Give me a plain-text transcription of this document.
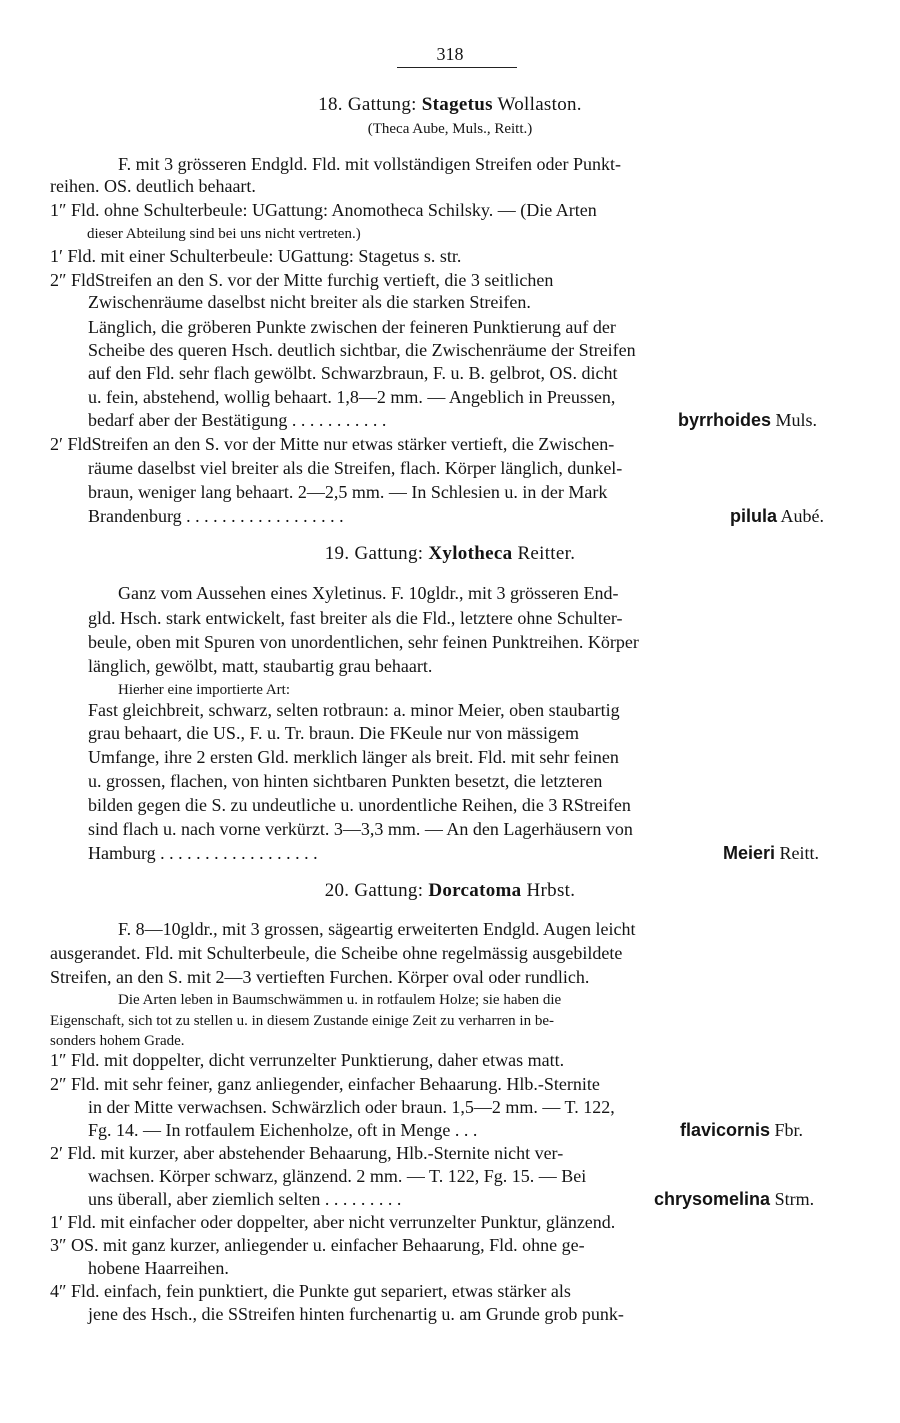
318
18. Gattung: Stagetus Wollaston.
(Theca Aube, Muls., Reitt.)
F. mit 3 grösseren Endgld. Fld. mit vollständigen Streifen oder Punkt-
reihen. OS. deutlich behaart.
1″ Fld. ohne Schulterbeule: UGattung: Anomotheca Schilsky. — (Die Arten
dieser Abteilung sind bei uns nicht vertreten.)
1′ Fld. mit einer Schulterbeule: UGattung: Stagetus s. str.
2″ FldStreifen an den S. vor der Mitte furchig vertieft, die 3 seitlichen
Zwischenräume daselbst nicht breiter als die starken Streifen.
Länglich, die gröberen Punkte zwischen der feineren Punktierung auf der
Scheibe des queren Hsch. deutlich sichtbar, die Zwischenräume der Streifen
auf den Fld. sehr flach gewölbt. Schwarzbraun, F. u. B. gelbrot, OS. dicht
u. fein, abstehend, wollig behaart. 1,8—2 mm. — Angeblich in Preussen,
bedarf aber der Bestätigung . . . . . . . . . . .	byrrhoides Muls.
2′ FldStreifen an den S. vor der Mitte nur etwas stärker vertieft, die Zwischen-
räume daselbst viel breiter als die Streifen, flach. Körper länglich, dunkel-
braun, weniger lang behaart. 2—2,5 mm. — In Schlesien u. in der Mark
Brandenburg . . . . . . . . . . . . . . . . . .	pilula Aubé.
19. Gattung: Xylotheca Reitter.
Ganz vom Aussehen eines Xyletinus. F. 10gldr., mit 3 grösseren End-
gld. Hsch. stark entwickelt, fast breiter als die Fld., letztere ohne Schulter-
beule, oben mit Spuren von unordentlichen, sehr feinen Punktreihen. Körper
länglich, gewölbt, matt, staubartig grau behaart.
Hierher eine importierte Art:
Fast gleichbreit, schwarz, selten rotbraun: a. minor Meier, oben staubartig
grau behaart, die US., F. u. Tr. braun. Die FKeule nur von mässigem
Umfange, ihre 2 ersten Gld. merklich länger als breit. Fld. mit sehr feinen
u. grossen, flachen, von hinten sichtbaren Punkten besetzt, die letzteren
bilden gegen die S. zu undeutliche u. unordentliche Reihen, die 3 RStreifen
sind flach u. nach vorne verkürzt. 3—3,3 mm. — An den Lagerhäusern von
Hamburg . . . . . . . . . . . . . . . . . .	Meieri Reitt.
20. Gattung: Dorcatoma Hrbst.
F. 8—10gldr., mit 3 grossen, sägeartig erweiterten Endgld. Augen leicht
ausgerandet. Fld. mit Schulterbeule, die Scheibe ohne regelmässig ausgebildete
Streifen, an den S. mit 2—3 vertieften Furchen. Körper oval oder rundlich.
Die Arten leben in Baumschwämmen u. in rotfaulem Holze; sie haben die
Eigenschaft, sich tot zu stellen u. in diesem Zustande einige Zeit zu verharren in be-
sonders hohem Grade.
1″ Fld. mit doppelter, dicht verrunzelter Punktierung, daher etwas matt.
2″ Fld. mit sehr feiner, ganz anliegender, einfacher Behaarung. Hlb.-Sternite
in der Mitte verwachsen. Schwärzlich oder braun. 1,5—2 mm. — T. 122,
Fg. 14. — In rotfaulem Eichenholze, oft in Menge . . .	flavicornis Fbr.
2′ Fld. mit kurzer, aber abstehender Behaarung, Hlb.-Sternite nicht ver-
wachsen. Körper schwarz, glänzend. 2 mm. — T. 122, Fg. 15. — Bei
uns überall, aber ziemlich selten . . . . . . . . .	chrysomelina Strm.
1′ Fld. mit einfacher oder doppelter, aber nicht verrunzelter Punktur, glänzend.
3″ OS. mit ganz kurzer, anliegender u. einfacher Behaarung, Fld. ohne ge-
hobene Haarreihen.
4″ Fld. einfach, fein punktiert, die Punkte gut separiert, etwas stärker als
jene des Hsch., die SStreifen hinten furchenartig u. am Grunde grob punk-
